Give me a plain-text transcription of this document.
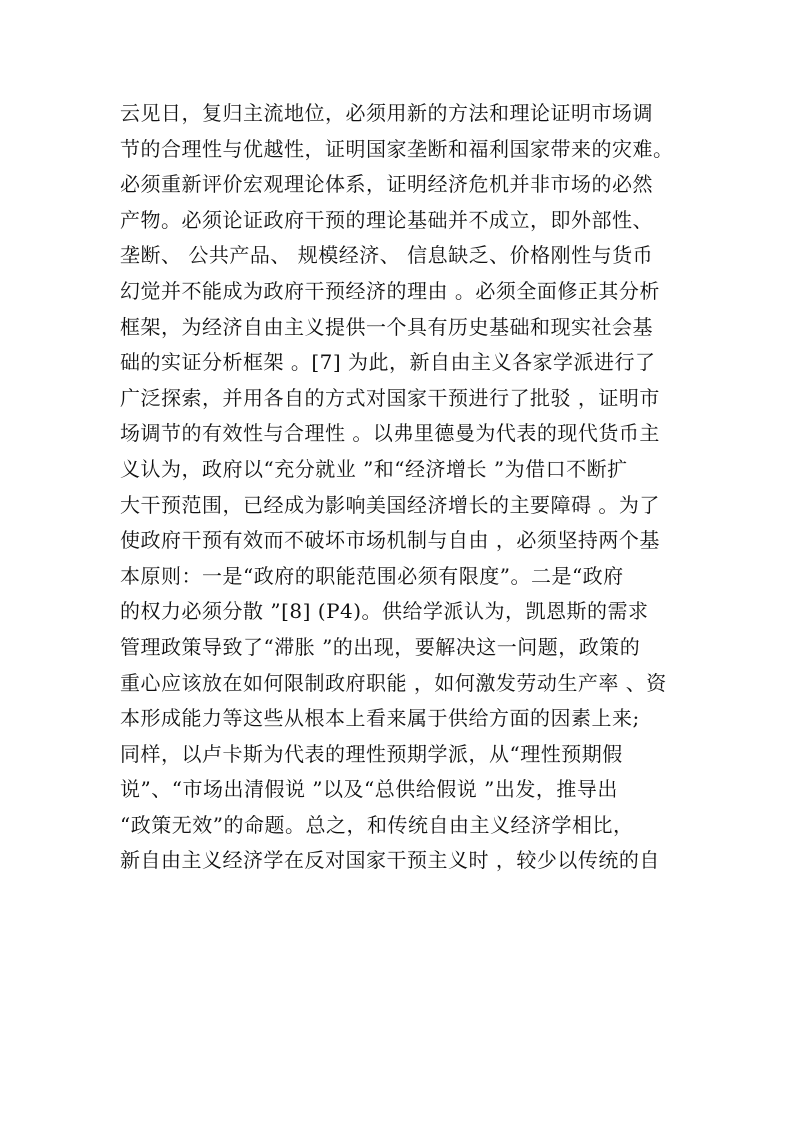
云见日，复归主流地位，必须用新的方法和理论证明市场调
节的合理性与优越性，证明国家垄断和福利国家带来的灾难。
必须重新评价宏观理论体系，证明经济危机并非市场的必然
产物。必须论证政府干预的理论基础并不成立，即外部性、
垄断、 公共产品、 规模经济、 信息缺乏、价格刚性与货币
幻觉并不能成为政府干预经济的理由 。必须全面修正其分析
框架，为经济自由主义提供一个具有历史基础和现实社会基
础的实证分析框架 。[7] 为此，新自由主义各家学派进行了
广泛探索，并用各自的方式对国家干预进行了批驳 ，证明市
场调节的有效性与合理性 。以弗里德曼为代表的现代货币主
义认为，政府以“充分就业 ”和“经济增长 ”为借口不断扩
大干预范围，已经成为影响美国经济增长的主要障碍 。为了
使政府干预有效而不破坏市场机制与自由 ，必须坚持两个基
本原则：一是“政府的职能范围必须有限度”。二是“政府
的权力必须分散 ”[8] (P4)。供给学派认为，凯恩斯的需求
管理政策导致了“滞胀 ”的出现，要解决这一问题，政策的
重心应该放在如何限制政府职能 ，如何激发劳动生产率 、资
本形成能力等这些从根本上看来属于供给方面的因素上来;
同样，以卢卡斯为代表的理性预期学派，从“理性预期假
说”、“市场出清假说 ”以及“总供给假说 ”出发，推导出
“政策无效”的命题。总之，和传统自由主义经济学相比，
新自由主义经济学在反对国家干预主义时 ，较少以传统的自
